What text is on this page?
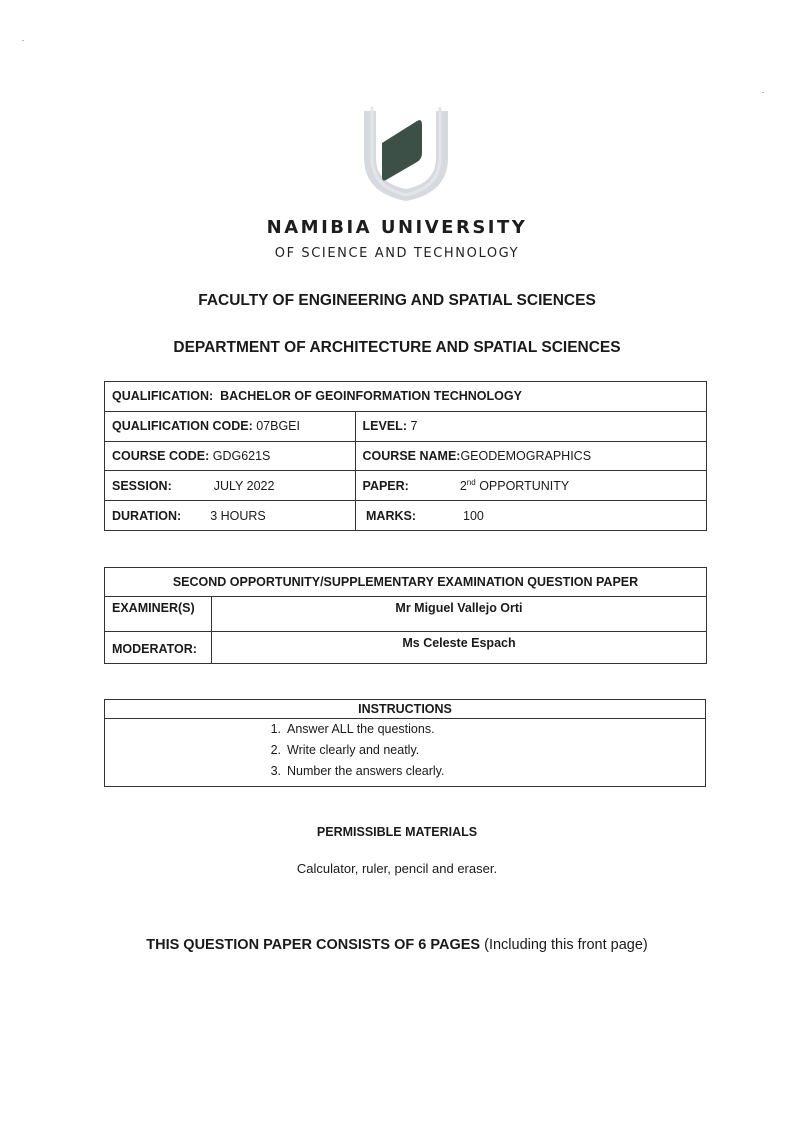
NAMIBIA UNIVERSITY
OF SCIENCE AND TECHNOLOGY
FACULTY OF ENGINEERING AND SPATIAL SCIENCES
DEPARTMENT OF ARCHITECTURE AND SPATIAL SCIENCES
QUALIFICATION: BACHELOR OF GEOINFORMATION TECHNOLOGY	
QUALIFICATION CODE: 07BGEI	LEVEL: 7
COURSE CODE: GDG621S	COURSE NAME:GEODEMOGRAPHICS
SESSION: JULY 2022	PAPER: 2nd OPPORTUNITY
DURATION: 3 HOURS	MARKS: 100
SECOND OPPORTUNITY/SUPPLEMENTARY EXAMINATION QUESTION PAPER	
EXAMINER(S)	Mr Miguel Vallejo Orti
MODERATOR:	Ms Celeste Espach
INSTRUCTIONS
1. Answer ALL the questions.
2. Write clearly and neatly.
3. Number the answers clearly.
PERMISSIBLE MATERIALS
Calculator, ruler, pencil and eraser.
THIS QUESTION PAPER CONSISTS OF 6 PAGES (Including this front page)
